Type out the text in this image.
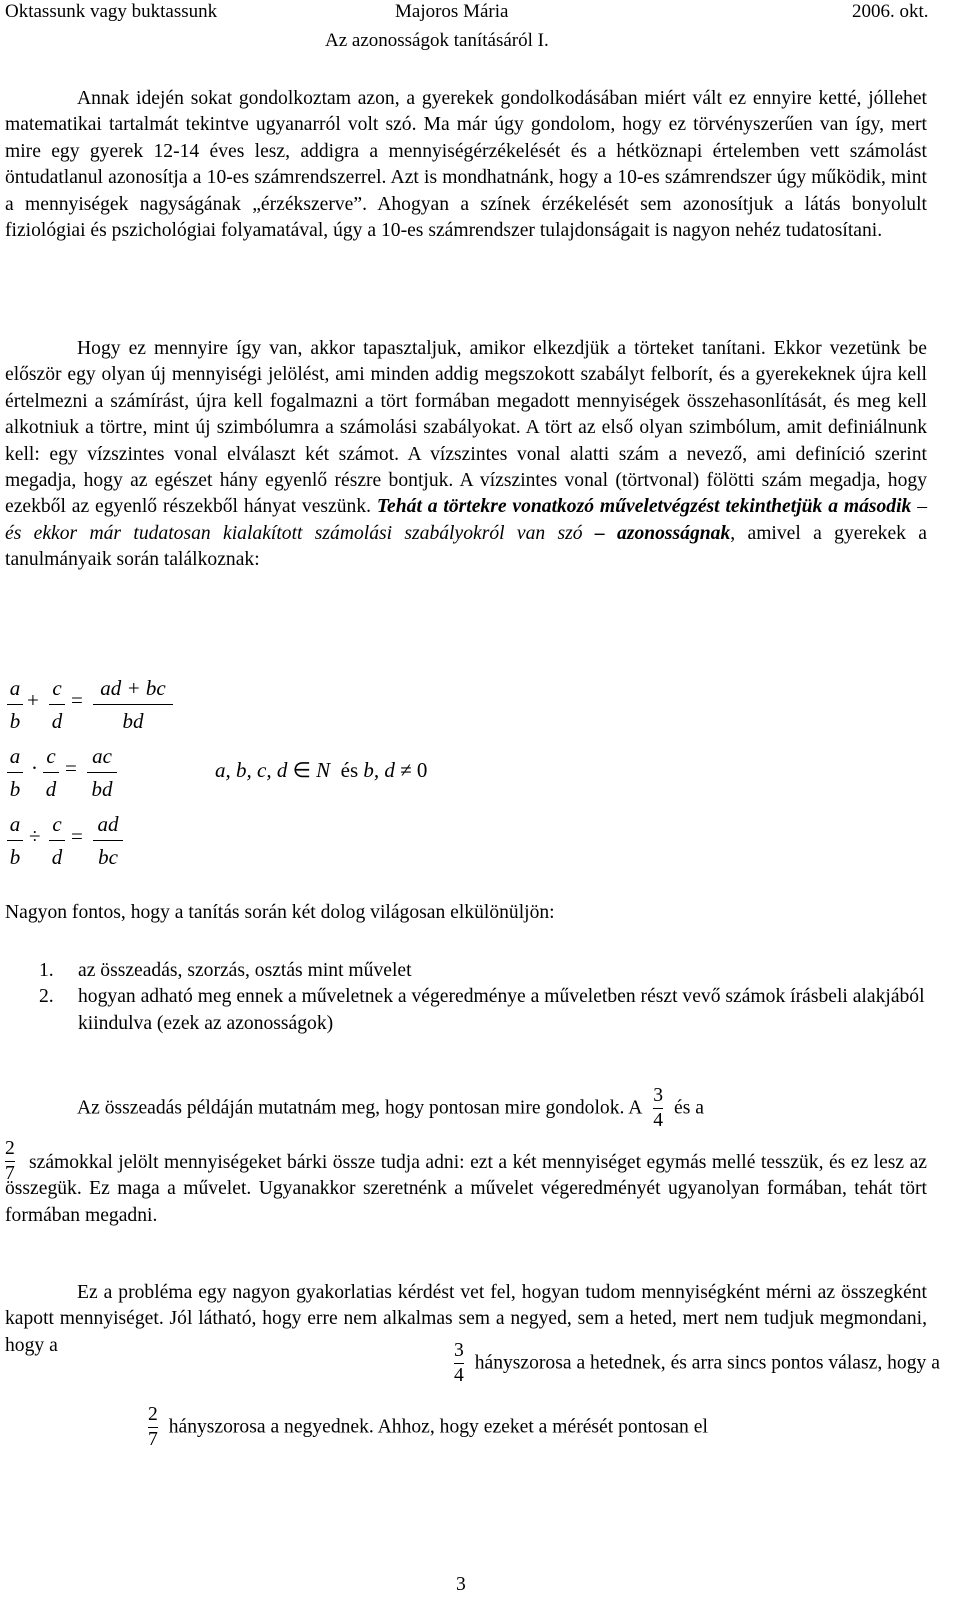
Oktassunk vagy buktassunk	Majoros Mária	2006. okt.
Az azonosságok tanításáról I.
Annak idején sokat gondolkoztam azon, a gyerekek gondolkodásában miért vált ez ennyire ketté, jóllehet matematikai tartalmát tekintve ugyanarról volt szó. Ma már úgy gondolom, hogy ez törvényszerűen van így, mert mire egy gyerek 12-14 éves lesz, addigra a mennyiségérzékelését és a hétköznapi értelemben vett számolást öntudatlanul azonosítja a 10-es számrendszerrel. Azt is mondhatnánk, hogy a 10-es számrendszer úgy működik, mint a mennyiségek nagyságának „érzékszerve”. Ahogyan a színek érzékelését sem azonosítjuk a látás bonyolult fiziológiai és pszichológiai folyamatával, úgy a 10-es számrendszer tulajdonságait is nagyon nehéz tudatosítani.
Hogy ez mennyire így van, akkor tapasztaljuk, amikor elkezdjük a törteket tanítani. Ekkor vezetünk be először egy olyan új mennyiségi jelölést, ami minden addig megszokott szabályt felborít, és a gyerekeknek újra kell értelmezni a számírást, újra kell fogalmazni a tört formában megadott mennyiségek összehasonlítását, és meg kell alkotniuk a törtre, mint új szimbólumra a számolási szabályokat. A tört az első olyan szimbólum, amit definiálnunk kell: egy vízszintes vonal elválaszt két számot. A vízszintes vonal alatti szám a nevező, ami definíció szerint megadja, hogy az egészet hány egyenlő részre bontjuk. A vízszintes vonal (törtvonal) fölötti szám megadja, hogy ezekből az egyenlő részekből hányat veszünk. Tehát a törtekre vonatkozó műveletvégzést tekinthetjük a második – és ekkor már tudatosan kialakított számolási szabályokról van szó – azonosságnak, amivel a gyerekek a tanulmányaik során találkoznak:
a
b
+ c
d
= ad + bc
bd
a
b
· c
d
= ac
bd
a
b
÷ c
d
= ad
bc
a, b, c, d ∈ N és b, d ≠ 0
Nagyon fontos, hogy a tanítás során két dolog világosan elkülönüljön:
1. az összeadás, szorzás, osztás mint művelet
2. hogyan adható meg ennek a műveletnek a végeredménye a műveletben részt vevő számok írásbeli alakjából kiindulva (ezek az azonosságok)
Az összeadás példáján mutatnám meg, hogy pontosan mire gondolok. A $\frac{3}{4}$ és a
$\frac{2}{7}$ számokkal jelölt mennyiségeket bárki össze tudja adni: ezt a két mennyiséget egymás mellé tesszük, és ez lesz az összegük. Ez maga a művelet. Ugyanakkor szeretnénk a művelet végeredményét ugyanolyan formában, tehát tört formában megadni.
Ez a probléma egy nagyon gyakorlatias kérdést vet fel, hogyan tudom mennyiségként mérni az összegként kapott mennyiséget. Jól látható, hogy erre nem alkalmas sem a negyed, sem a heted, mert nem tudjuk megmondani, hogy a	$\frac{3}{4}$ hányszorosa a hetednek, és arra sincs pontos válasz, hogy a
$\frac{2}{7}$ hányszorosa a negyednek. Ahhoz, hogy ezeket a mérését pontosan el
3
